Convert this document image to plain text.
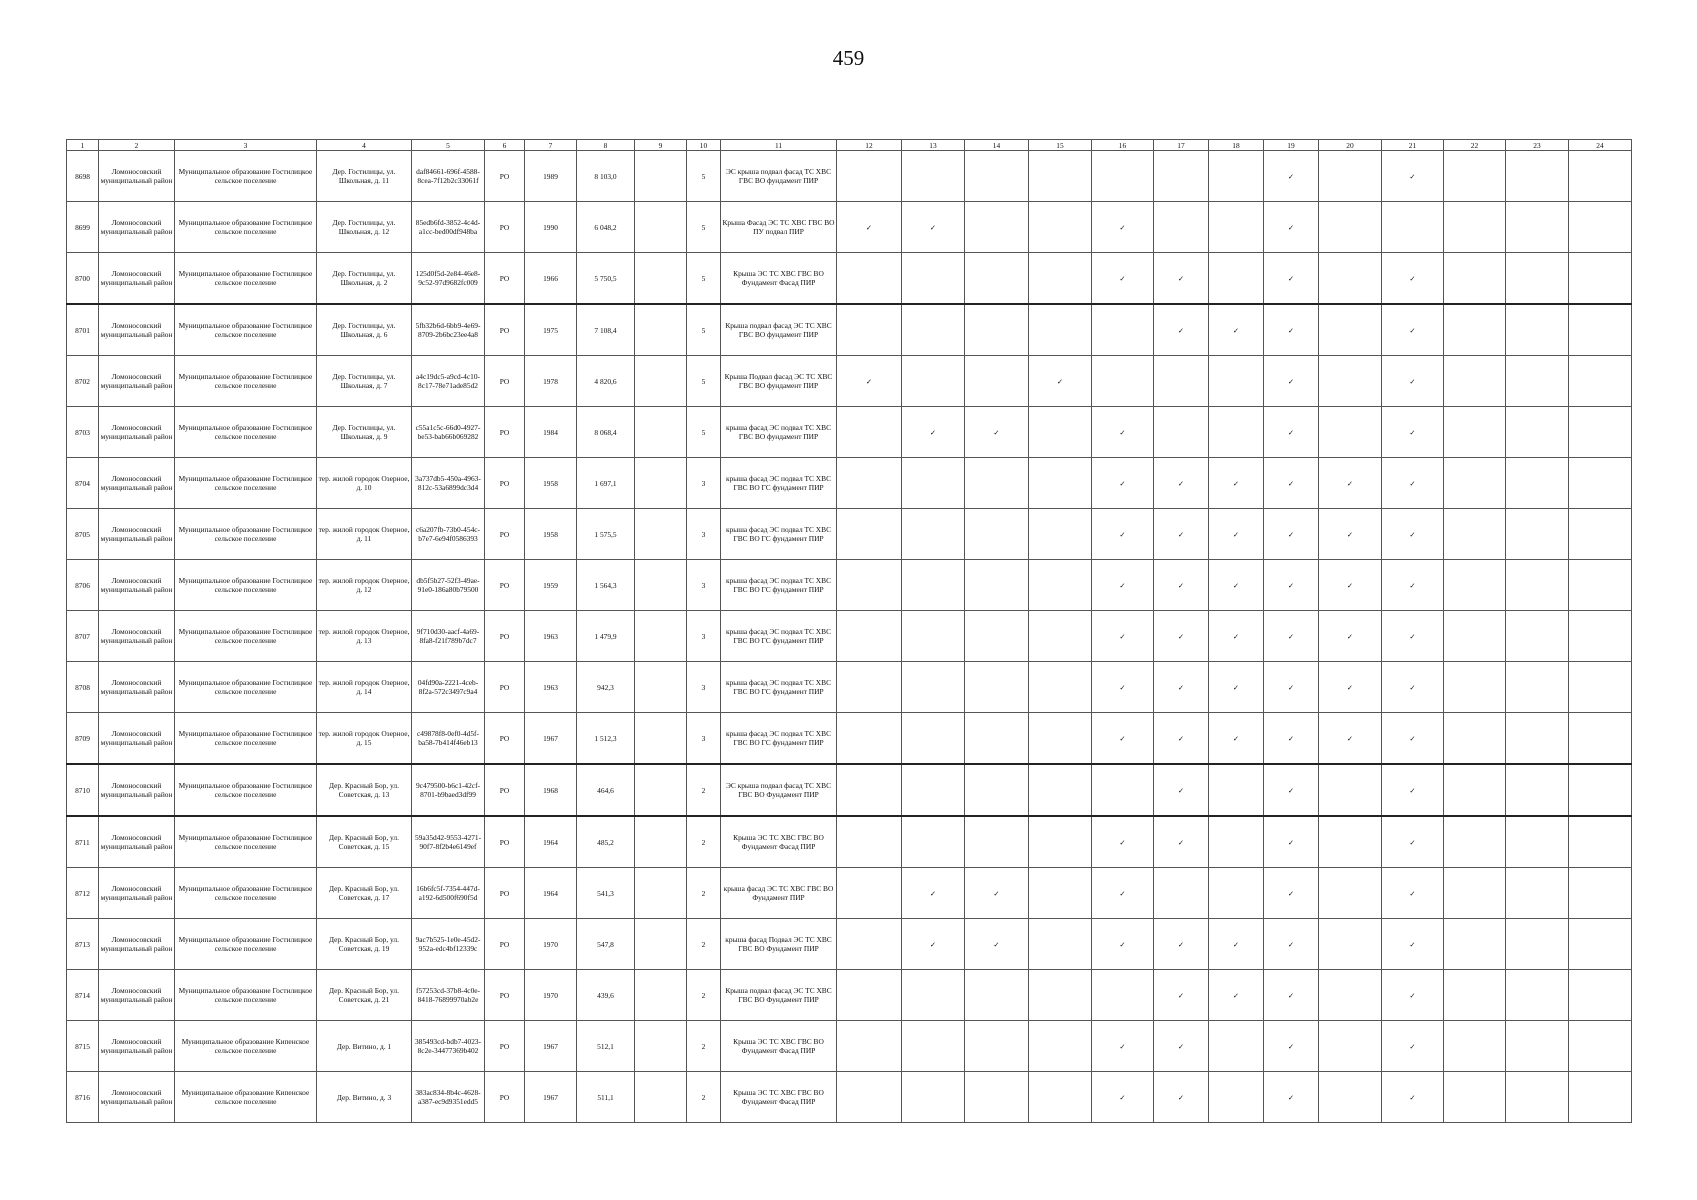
459
1	2	3	4	5	6	7	8	9	10	11	12	13	14	15	16	17	18	19	20	21	22	23	24
8698	Ломоносовский муниципальный район	Муниципальное образование Гостилицкое сельское поселение	Дер. Гостилицы, ул. Школьная, д. 11	daf84661-696f-4588-8cea-7f12b2c33061f	РО	1989	8 103,0		5	ЭС крыша подвал фасад ТС ХВС ГВС ВО фундамент ПИР								✓		✓			
8699	Ломоносовский муниципальный район	Муниципальное образование Гостилицкое сельское поселение	Дер. Гостилицы, ул. Школьная, д. 12	85edb6fd-3852-4c4d-a1cc-bed00df948ba	РО	1990	6 048,2		5	Крыша Фасад ЭС ТС ХВС ГВС ВО ПУ подвал ПИР	✓	✓			✓			✓					
8700	Ломоносовский муниципальный район	Муниципальное образование Гостилицкое сельское поселение	Дер. Гостилицы, ул. Школьная, д. 2	125d0f5d-2e84-46e8-9c52-97d9682fc009	РО	1966	5 750,5		5	Крыша ЭС ТС ХВС ГВС ВО Фундамент Фасад ПИР					✓	✓		✓		✓			
8701	Ломоносовский муниципальный район	Муниципальное образование Гостилицкое сельское поселение	Дер. Гостилицы, ул. Школьная, д. 6	5fb32b6d-6bb9-4e69-8709-2b6bc23ee4a8	РО	1975	7 108,4		5	Крыша подвал фасад ЭС ТС ХВС ГВС ВО фундамент ПИР						✓	✓	✓		✓			
8702	Ломоносовский муниципальный район	Муниципальное образование Гостилицкое сельское поселение	Дер. Гостилицы, ул. Школьная, д. 7	a4c19dc5-a9cd-4c10-8c17-78e71ade85d2	РО	1978	4 820,6		5	Крыша Подвал фасад ЭС ТС ХВС ГВС ВО фундамент ПИР	✓			✓				✓		✓			
8703	Ломоносовский муниципальный район	Муниципальное образование Гостилицкое сельское поселение	Дер. Гостилицы, ул. Школьная, д. 9	c55a1c5c-66d0-4927-be53-bab66b069282	РО	1984	8 068,4		5	крыша фасад ЭС подвал ТС ХВС ГВС ВО фундамент ПИР		✓	✓		✓			✓		✓			
8704	Ломоносовский муниципальный район	Муниципальное образование Гостилицкое сельское поселение	тер. жилой городок Озерное, д. 10	3a737db5-450a-4963-812c-53a6899dc3d4	РО	1958	1 697,1		3	крыша фасад ЭС подвал ТС ХВС ГВС ВО ГС фундамент ПИР					✓	✓	✓	✓	✓	✓			
8705	Ломоносовский муниципальный район	Муниципальное образование Гостилицкое сельское поселение	тер. жилой городок Озерное, д. 11	c6a207fb-73b0-454c-b7e7-6e94f0586393	РО	1958	1 575,5		3	крыша фасад ЭС подвал ТС ХВС ГВС ВО ГС фундамент ПИР					✓	✓	✓	✓	✓	✓			
8706	Ломоносовский муниципальный район	Муниципальное образование Гостилицкое сельское поселение	тер. жилой городок Озерное, д. 12	db5f5b27-52f3-49ae-91e0-186a80b79500	РО	1959	1 564,3		3	крыша фасад ЭС подвал ТС ХВС ГВС ВО ГС фундамент ПИР					✓	✓	✓	✓	✓	✓			
8707	Ломоносовский муниципальный район	Муниципальное образование Гостилицкое сельское поселение	тер. жилой городок Озерное, д. 13	9f710d30-aacf-4a69-8fa8-f21f789b7dc7	РО	1963	1 479,9		3	крыша фасад ЭС подвал ТС ХВС ГВС ВО ГС фундамент ПИР					✓	✓	✓	✓	✓	✓			
8708	Ломоносовский муниципальный район	Муниципальное образование Гостилицкое сельское поселение	тер. жилой городок Озерное, д. 14	04fd90a-2221-4ceb-8f2a-572c3497c9a4	РО	1963	942,3		3	крыша фасад ЭС подвал ТС ХВС ГВС ВО ГС фундамент ПИР					✓	✓	✓	✓	✓	✓			
8709	Ломоносовский муниципальный район	Муниципальное образование Гостилицкое сельское поселение	тер. жилой городок Озерное, д. 15	c49878f8-0ef0-4d5f-ba58-7b414f46eb13	РО	1967	1 512,3		3	крыша фасад ЭС подвал ТС ХВС ГВС ВО ГС фундамент ПИР					✓	✓	✓	✓	✓	✓			
8710	Ломоносовский муниципальный район	Муниципальное образование Гостилицкое сельское поселение	Дер. Красный Бор, ул. Советская, д. 13	9c479500-b6c1-42cf-8701-b9baed3df99	РО	1968	464,6		2	ЭС крыша подвал фасад ТС ХВС ГВС ВО Фундамент ПИР						✓		✓		✓			
8711	Ломоносовский муниципальный район	Муниципальное образование Гостилицкое сельское поселение	Дер. Красный Бор, ул. Советская, д. 15	59a35d42-9553-4271-90f7-8f2b4e6149ef	РО	1964	485,2		2	Крыша ЭС ТС ХВС ГВС ВО Фундамент Фасад ПИР					✓	✓		✓		✓			
8712	Ломоносовский муниципальный район	Муниципальное образование Гостилицкое сельское поселение	Дер. Красный Бор, ул. Советская, д. 17	16b6fc5f-7354-447d-a192-6d500f690f5d	РО	1964	541,3		2	крыша фасад ЭС ТС ХВС ГВС ВО Фундамент ПИР		✓	✓		✓			✓		✓			
8713	Ломоносовский муниципальный район	Муниципальное образование Гостилицкое сельское поселение	Дер. Красный Бор, ул. Советская, д. 19	9ac7b525-1e0e-45d2-952a-edc4bf12339c	РО	1970	547,8		2	крыша фасад Подвал ЭС ТС ХВС ГВС ВО Фундамент ПИР		✓	✓		✓	✓	✓	✓		✓			
8714	Ломоносовский муниципальный район	Муниципальное образование Гостилицкое сельское поселение	Дер. Красный Бор, ул. Советская, д. 21	f57253cd-37b8-4c0e-8418-76899970ab2e	РО	1970	439,6		2	Крыша подвал фасад ЭС ТС ХВС ГВС ВО Фундамент ПИР						✓	✓	✓		✓			
8715	Ломоносовский муниципальный район	Муниципальное образование Кипенское сельское поселение	Дер. Витино, д. 1	385493cd-bdb7-4023-8c2e-34477369b402	РО	1967	512,1		2	Крыша ЭС ТС ХВС ГВС ВО Фундамент Фасад ПИР					✓	✓		✓		✓			
8716	Ломоносовский муниципальный район	Муниципальное образование Кипенское сельское поселение	Дер. Витино, д. 3	383ac834-8b4c-4628-a387-ec9d9351edd5	РО	1967	511,1		2	Крыша ЭС ТС ХВС ГВС ВО Фундамент Фасад ПИР					✓	✓		✓		✓			
